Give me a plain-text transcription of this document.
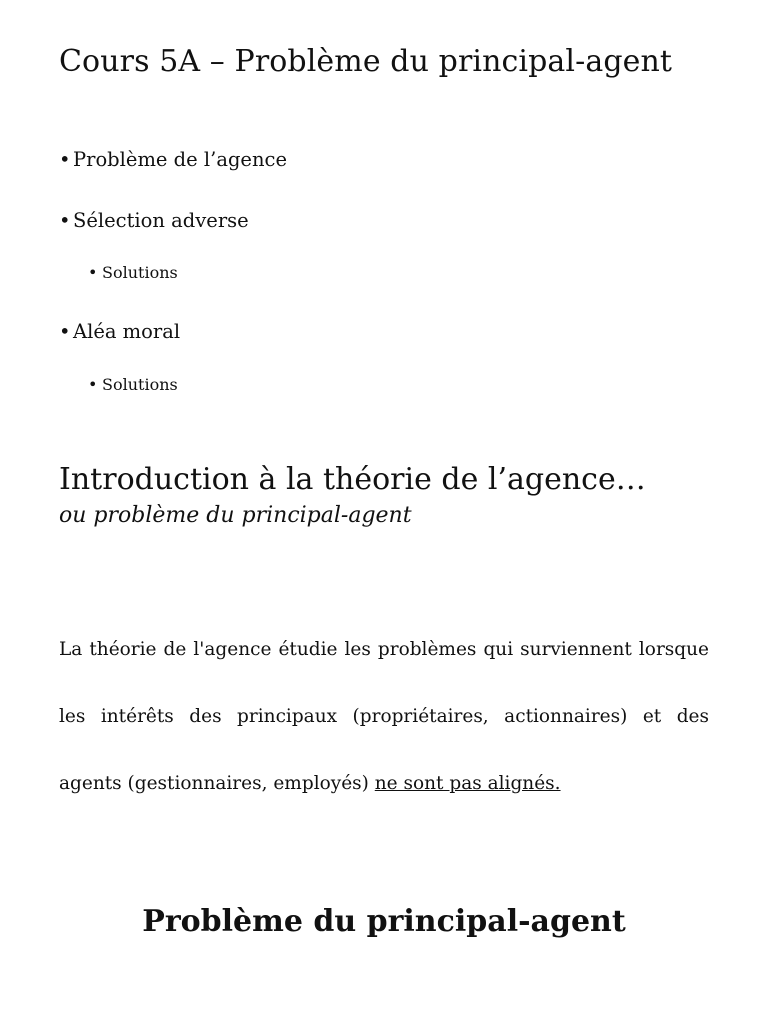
Cours 5A – Problème du principal-agent
• Problème de l’agence
• Sélection adverse
• Solutions
• Aléa moral
• Solutions
Introduction à la théorie de l’agence…
ou problème du principal-agent

La théorie de l'agence étudie les problèmes qui surviennent lorsque les intérêts des principaux (propriétaires, actionnaires) et des agents (gestionnaires, employés) ne sont pas alignés.

Problème du principal-agent
